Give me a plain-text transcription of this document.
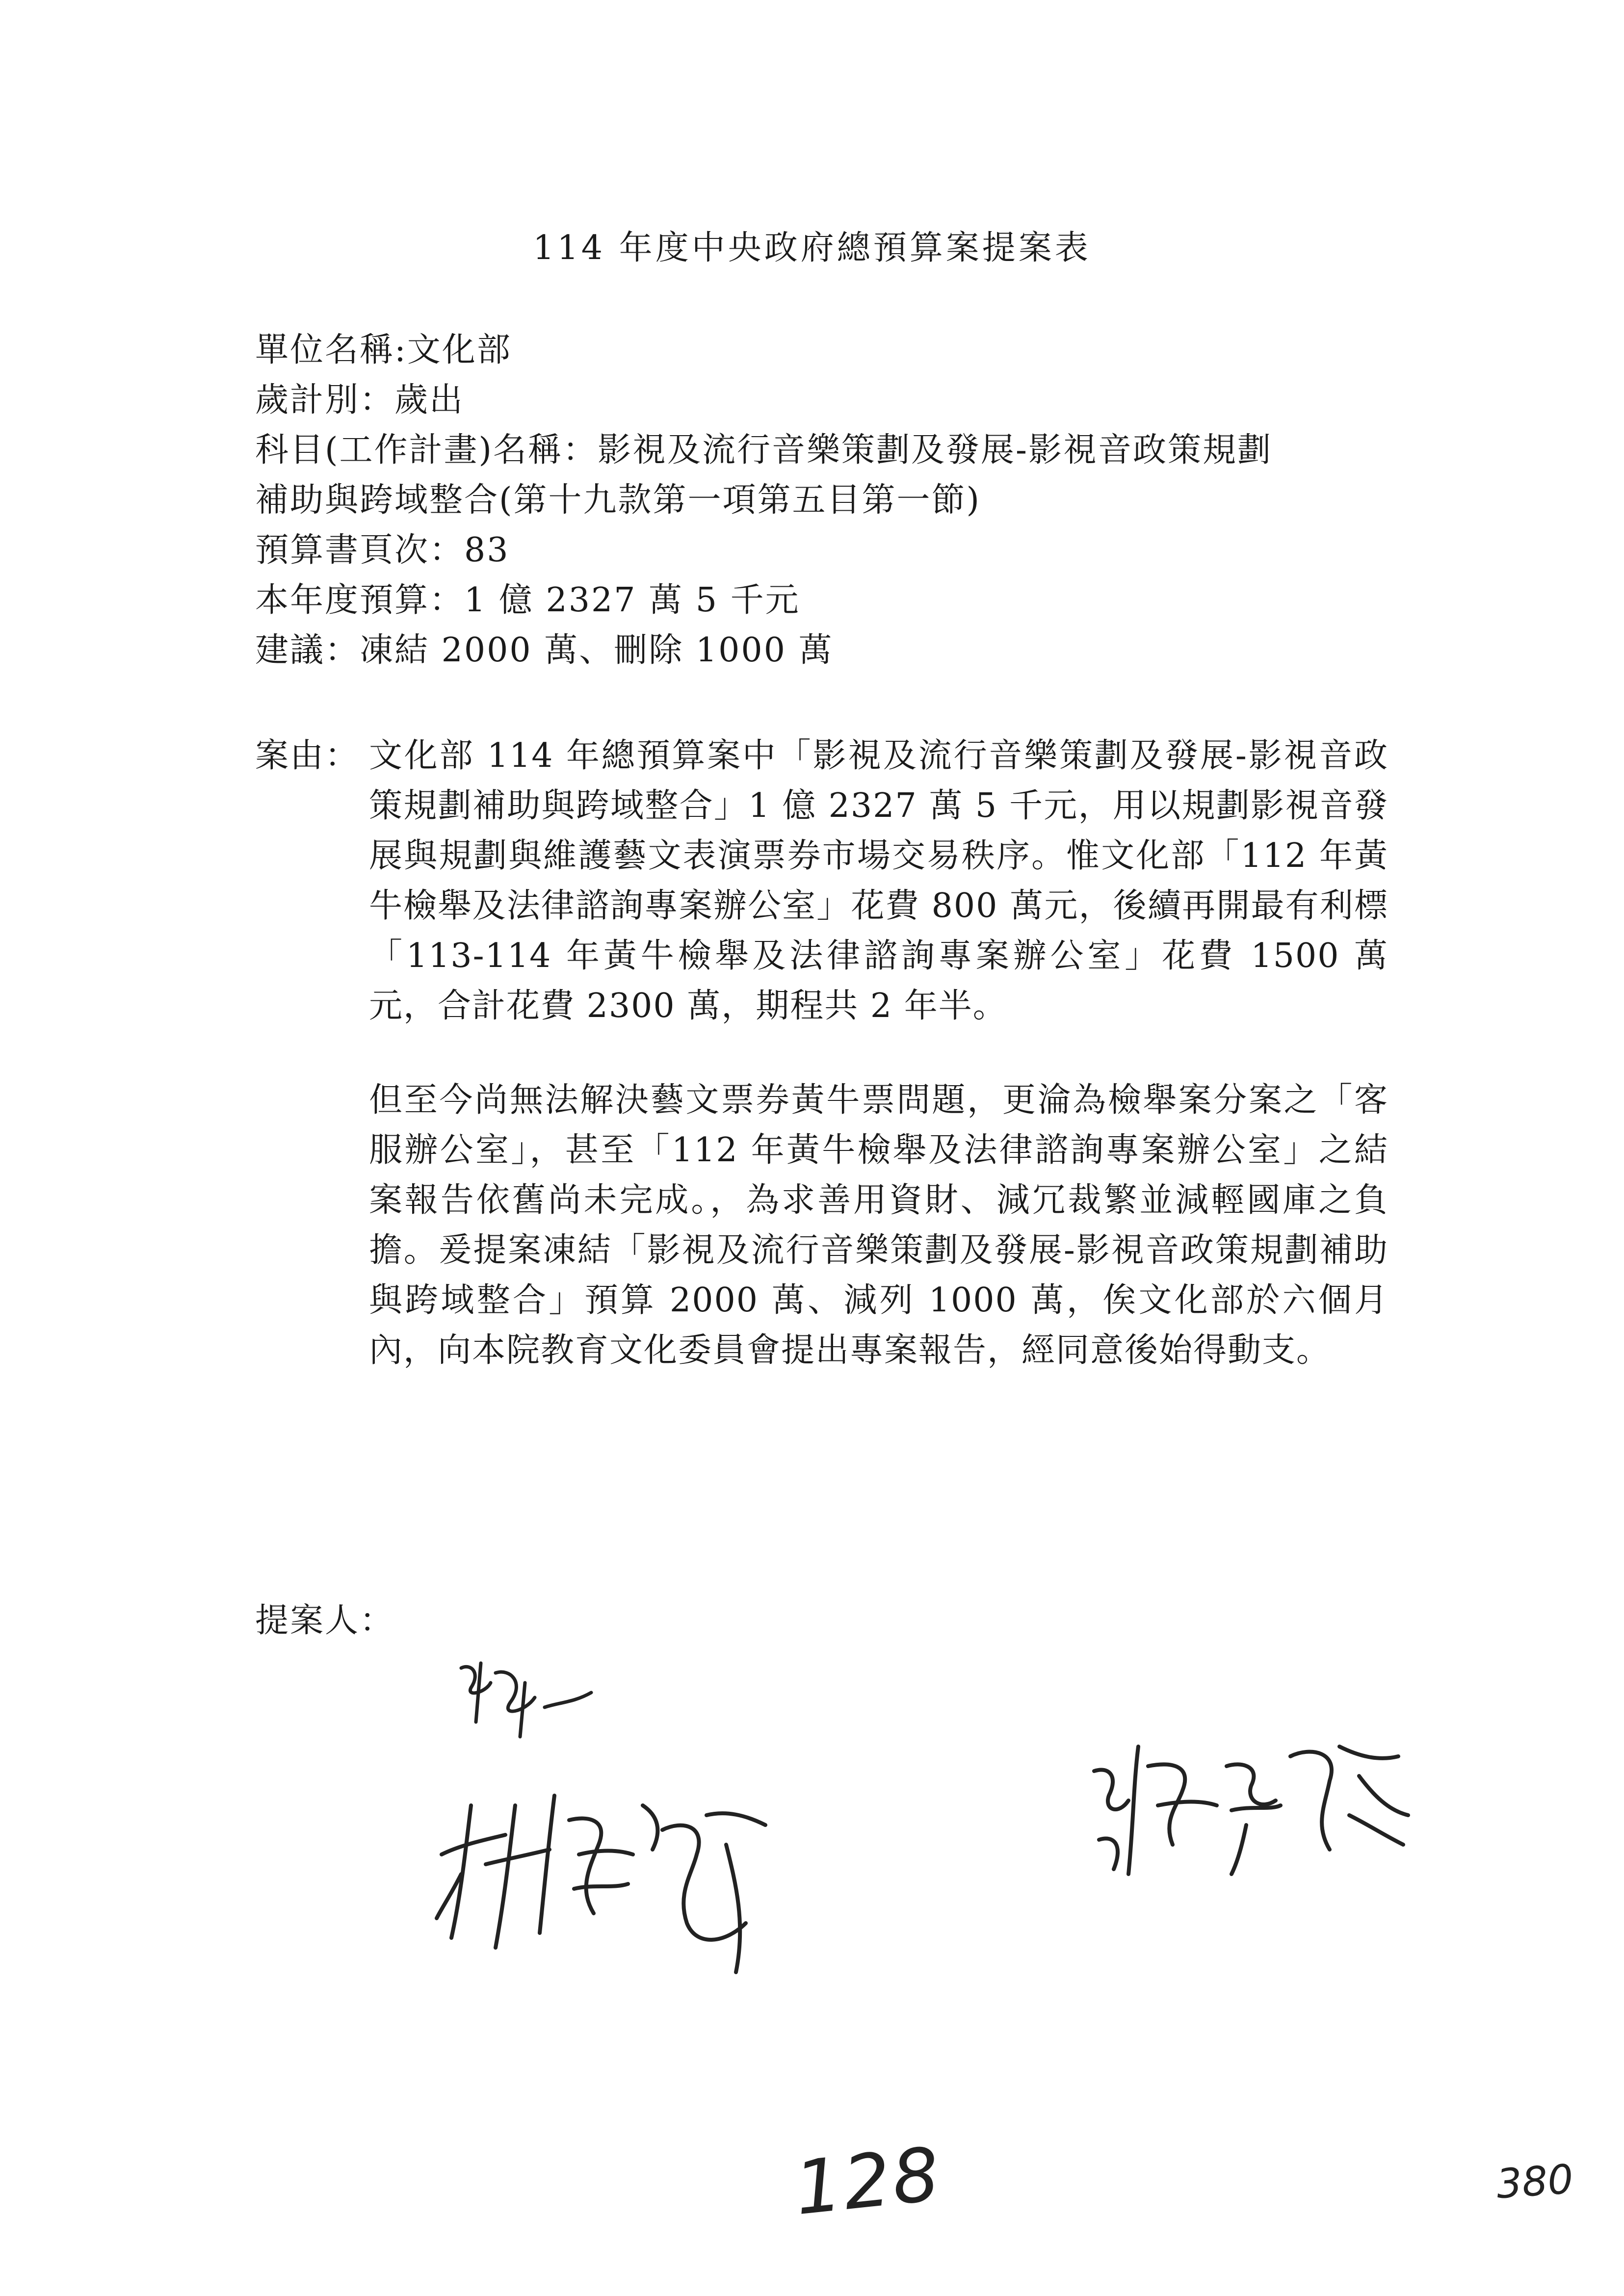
114 年度中央政府總預算案提案表
單位名稱:文化部
歲計別：歲出
科目(工作計畫)名稱：影視及流行音樂策劃及發展-影視音政策規劃
補助與跨域整合(第十九款第一項第五目第一節)
預算書頁次：83
本年度預算：1 億 2327 萬 5 千元
建議：凍結 2000 萬、刪除 1000 萬
案由： 文化部 114 年總預算案中「影視及流行音樂策劃及發展-影視音政策規劃補助與跨域整合」1 億 2327 萬 5 千元，用以規劃影視音發展與規劃與維護藝文表演票券市場交易秩序。惟文化部「112 年黃牛檢舉及法律諮詢專案辦公室」花費 800 萬元，後續再開最有利標「113-114 年黃牛檢舉及法律諮詢專案辦公室」花費 1500 萬元，合計花費 2300 萬，期程共 2 年半。
但至今尚無法解決藝文票券黃牛票問題，更淪為檢舉案分案之「客服辦公室」，甚至「112 年黃牛檢舉及法律諮詢專案辦公室」之結案報告依舊尚未完成。，為求善用資財、減冗裁繁並減輕國庫之負擔。爰提案凍結「影視及流行音樂策劃及發展-影視音政策規劃補助與跨域整合」預算 2000 萬、減列 1000 萬，俟文化部於六個月內，向本院教育文化委員會提出專案報告，經同意後始得動支。
提案人：
128	380
